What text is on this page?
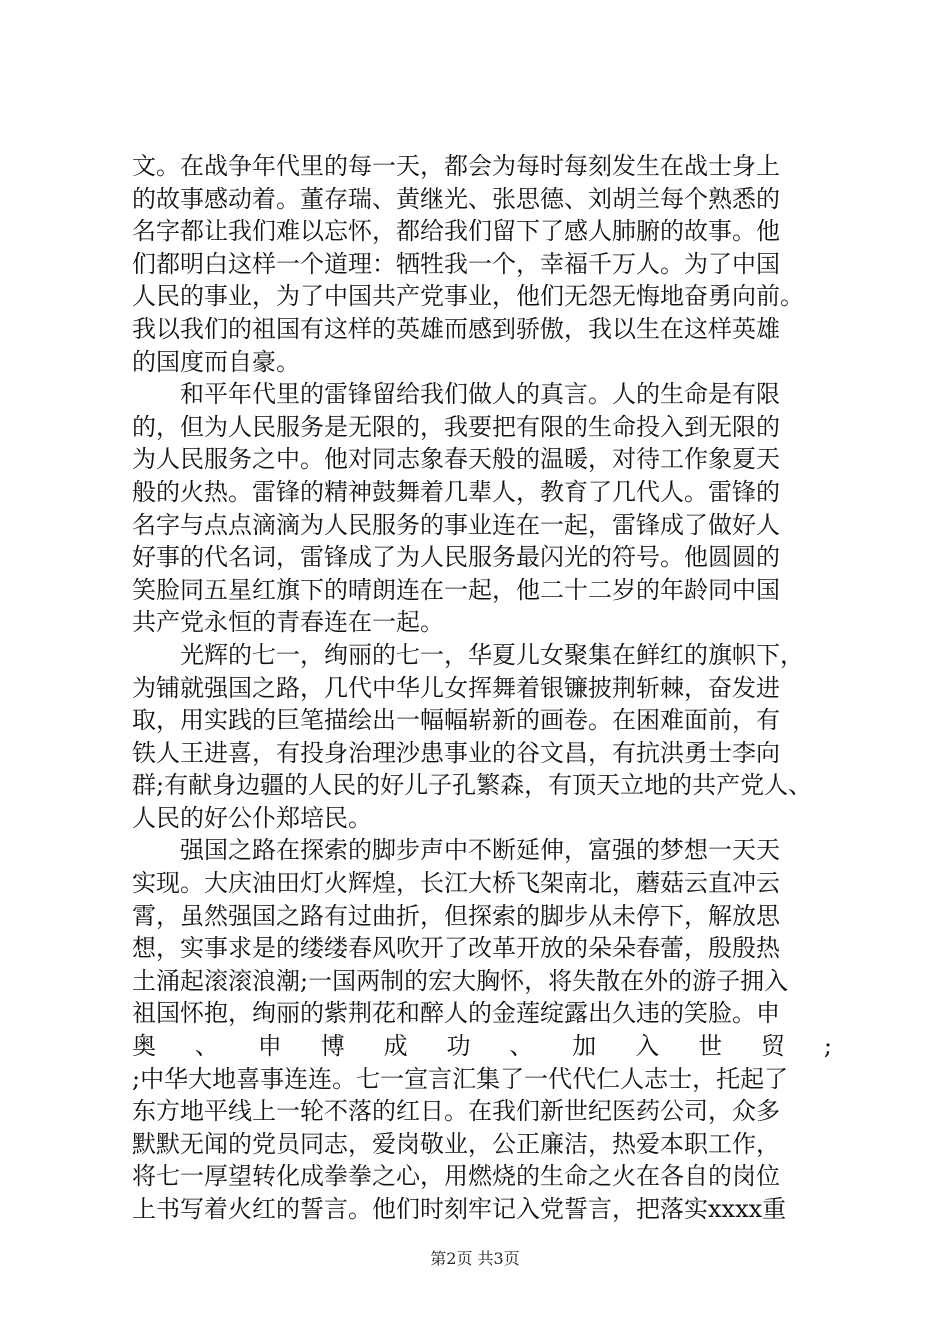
文。在战争年代里的每一天，都会为每时每刻发生在战士身上
的故事感动着。董存瑞、黄继光、张思德、刘胡兰每个熟悉的
名字都让我们难以忘怀，都给我们留下了感人肺腑的故事。他
们都明白这样一个道理：牺牲我一个，幸福千万人。为了中国
人民的事业，为了中国共产党事业，他们无怨无悔地奋勇向前。
我以我们的祖国有这样的英雄而感到骄傲，我以生在这样英雄
的国度而自豪。
　　和平年代里的雷锋留给我们做人的真言。人的生命是有限
的，但为人民服务是无限的，我要把有限的生命投入到无限的
为人民服务之中。他对同志象春天般的温暖，对待工作象夏天
般的火热。雷锋的精神鼓舞着几辈人，教育了几代人。雷锋的
名字与点点滴滴为人民服务的事业连在一起，雷锋成了做好人
好事的代名词，雷锋成了为人民服务最闪光的符号。他圆圆的
笑脸同五星红旗下的晴朗连在一起，他二十二岁的年龄同中国
共产党永恒的青春连在一起。
　　光辉的七一，绚丽的七一，华夏儿女聚集在鲜红的旗帜下，
为铺就强国之路，几代中华儿女挥舞着银镰披荆斩棘，奋发进
取，用实践的巨笔描绘出一幅幅崭新的画卷。在困难面前，有
铁人王进喜，有投身治理沙患事业的谷文昌，有抗洪勇士李向
群;有献身边疆的人民的好儿子孔繁森，有顶天立地的共产党人、
人民的好公仆郑培民。
　　强国之路在探索的脚步声中不断延伸，富强的梦想一天天
实现。大庆油田灯火辉煌，长江大桥飞架南北，蘑菇云直冲云
霄，虽然强国之路有过曲折，但探索的脚步从未停下，解放思
想，实事求是的缕缕春风吹开了改革开放的朵朵春蕾，殷殷热
土涌起滚滚浪潮;一国两制的宏大胸怀，将失散在外的游子拥入
祖国怀抱，绚丽的紫荆花和醉人的金莲绽露出久违的笑脸。申
奥 、 申 博 成 功 、 加 入 世 贸 ;
;中华大地喜事连连。七一宣言汇集了一代代仁人志士，托起了
东方地平线上一轮不落的红日。在我们新世纪医药公司，众多
默默无闻的党员同志，爱岗敬业，公正廉洁，热爱本职工作，
将七一厚望转化成拳拳之心，用燃烧的生命之火在各自的岗位
上书写着火红的誓言。他们时刻牢记入党誓言，把落实xxxx重
第2页 共3页
